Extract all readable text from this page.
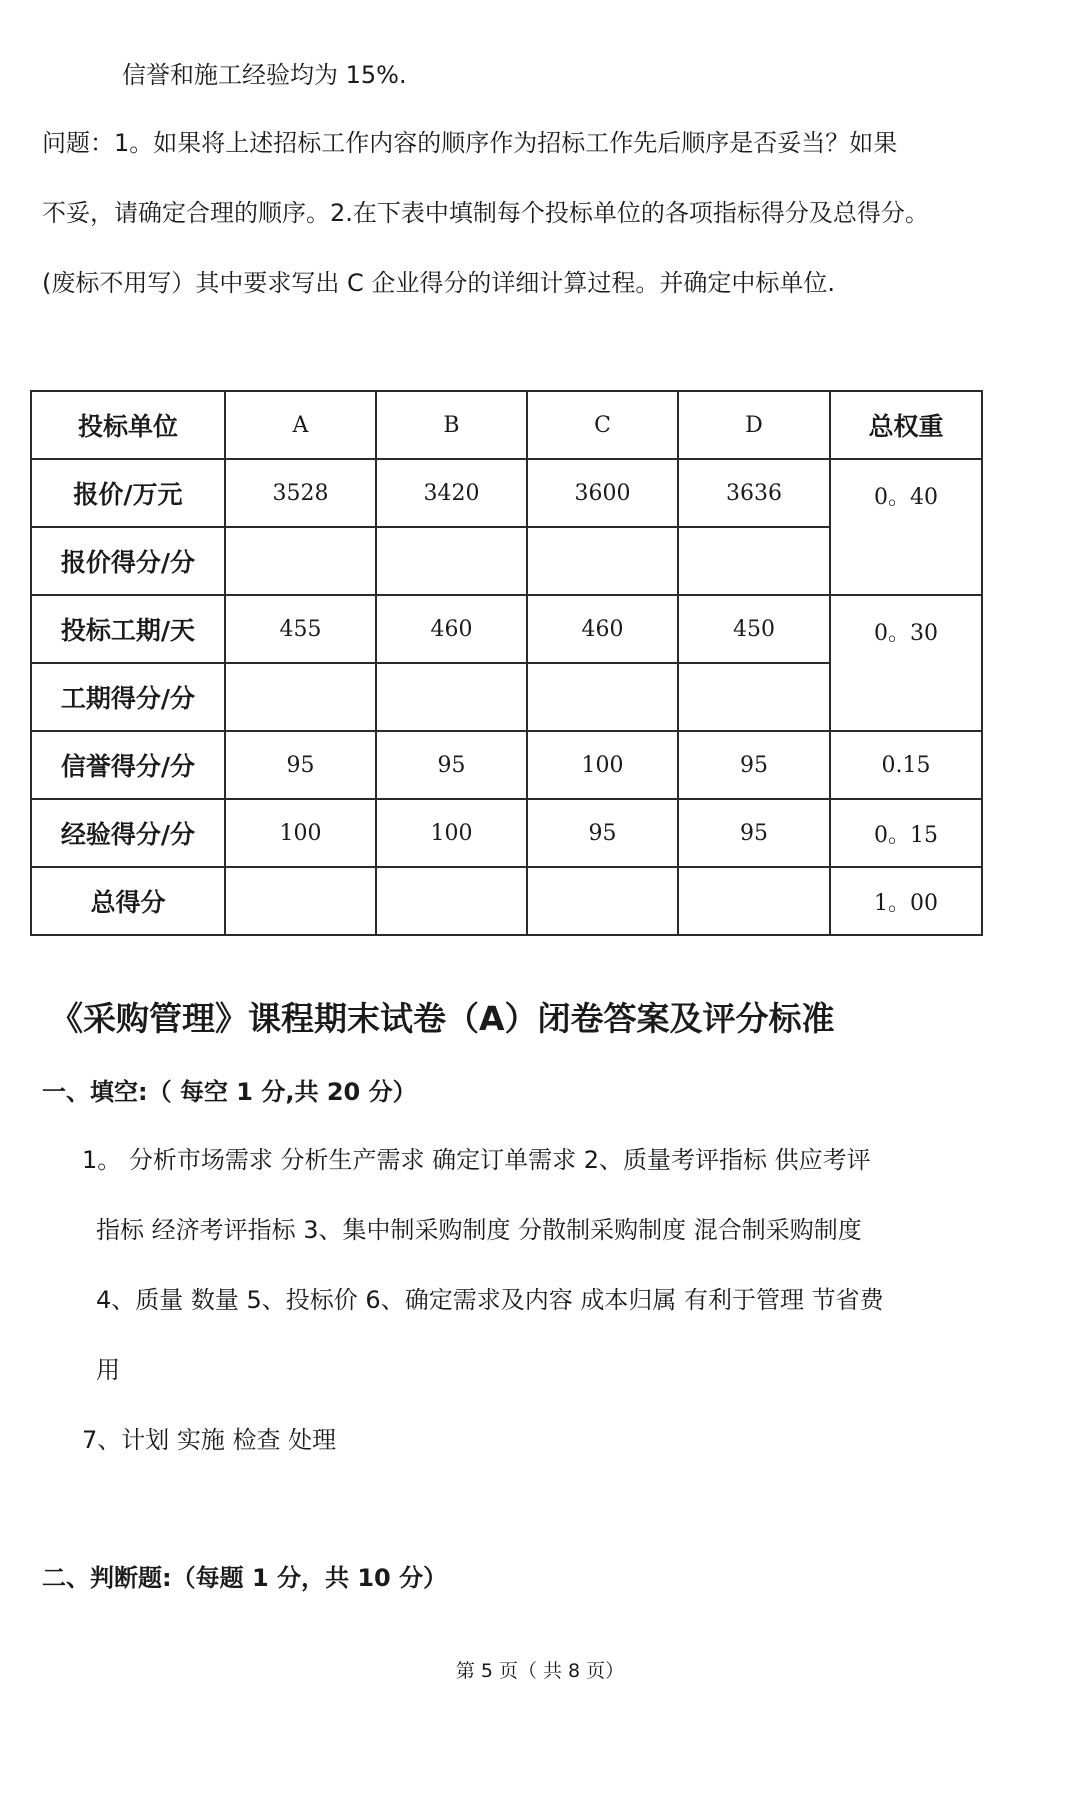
信誉和施工经验均为 15%.
问题：1。如果将上述招标工作内容的顺序作为招标工作先后顺序是否妥当？如果
不妥，请确定合理的顺序。2.在下表中填制每个投标单位的各项指标得分及总得分。
(废标不用写）其中要求写出 C 企业得分的详细计算过程。并确定中标单位.
投标单位	A	B	C	D	总权重
报价/万元	3528	3420	3600	3636	0。40
报价得分/分					
投标工期/天	455	460	460	450	0。30
工期得分/分					
信誉得分/分	95	95	100	95	0.15
经验得分/分	100	100	95	95	0。15
总得分					1。00
《采购管理》课程期末试卷（A）闭卷答案及评分标准
一、填空:（ 每空 1 分,共 20 分）
1。 分析市场需求 分析生产需求 确定订单需求 2、质量考评指标 供应考评
指标 经济考评指标 3、集中制采购制度 分散制采购制度 混合制采购制度
4、质量 数量 5、投标价 6、确定需求及内容 成本归属 有利于管理 节省费
用
7、计划 实施 检查 处理
二、判断题:（每题 1 分，共 10 分）
第 5 页（ 共 8 页）
